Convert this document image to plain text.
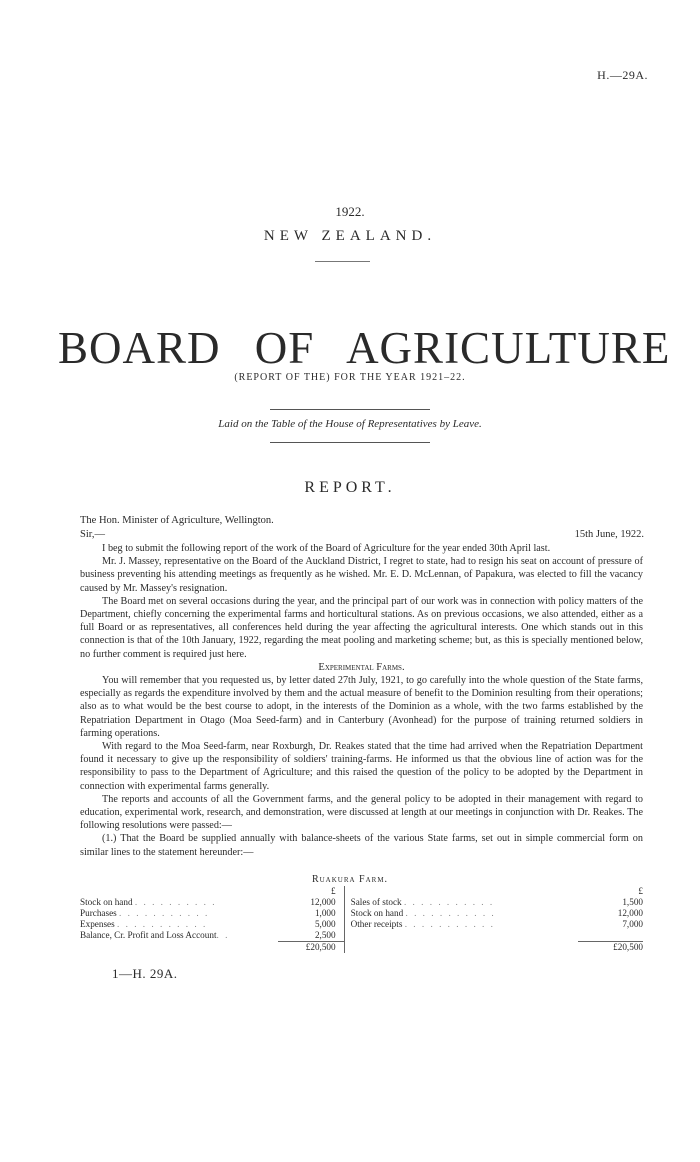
H.—29A.
1922.
NEW ZEALAND.
BOARD OF AGRICULTURE
(REPORT OF THE) FOR THE YEAR 1921–22.
Laid on the Table of the House of Representatives by Leave.
REPORT.
The Hon. Minister of Agriculture, Wellington.
Sir,—	15th June, 1922.

I beg to submit the following report of the work of the Board of Agriculture for the year ended 30th April last.

Mr. J. Massey, representative on the Board of the Auckland District, I regret to state, had to resign his seat on account of pressure of business preventing his attending meetings as frequently as he wished. Mr. E. D. McLennan, of Papakura, was elected to fill the vacancy caused by Mr. Massey's resignation.

The Board met on several occasions during the year, and the principal part of our work was in connection with policy matters of the Department, chiefly concerning the experimental farms and horticultural stations. As on previous occasions, we also attended, either as a full Board or as representatives, all conferences held during the year affecting the agricultural interests. One which stands out in this connection is that of the 10th January, 1922, regarding the meat pooling and marketing scheme; but, as this is specially mentioned below, no further comment is required just here.

Experimental Farms.

You will remember that you requested us, by letter dated 27th July, 1921, to go carefully into the whole question of the State farms, especially as regards the expenditure involved by them and the actual measure of benefit to the Dominion resulting from their operations; also as to what would be the best course to adopt, in the interests of the Dominion as a whole, with the two farms established by the Repatriation Department in Otago (Moa Seed-farm) and in Canterbury (Avonhead) for the purpose of training returned soldiers in farming operations.

With regard to the Moa Seed-farm, near Roxburgh, Dr. Reakes stated that the time had arrived when the Repatriation Department found it necessary to give up the responsibility of soldiers' training-farms. He informed us that the obvious line of action was for the responsibility to pass to the Department of Agriculture; and this raised the question of the policy to be adopted by the Department in connection with experimental farms generally.

The reports and accounts of all the Government farms, and the general policy to be adopted in their management with regard to education, experimental work, research, and demonstration, were discussed at length at our meetings in conjunction with Dr. Reakes. The following resolutions were passed:—

(1.) That the Board be supplied annually with balance-sheets of the various State farms, set out in simple commercial form on similar lines to the statement hereunder:—

Ruakura Farm.
	£		£
Stock on hand . . . . . . . . . .	12,000	Sales of stock . . . . . . . . . . .	1,500
Purchases . . . . . . . . . . .	1,000	Stock on hand . . . . . . . . . . .	12,000
Expenses . . . . . . . . . . .	5,000	Other receipts . . . . . . . . . . .	7,000
Balance, Cr. Profit and Loss Account. .	2,500		
	£20,500		£20,500
1—H. 29A.
